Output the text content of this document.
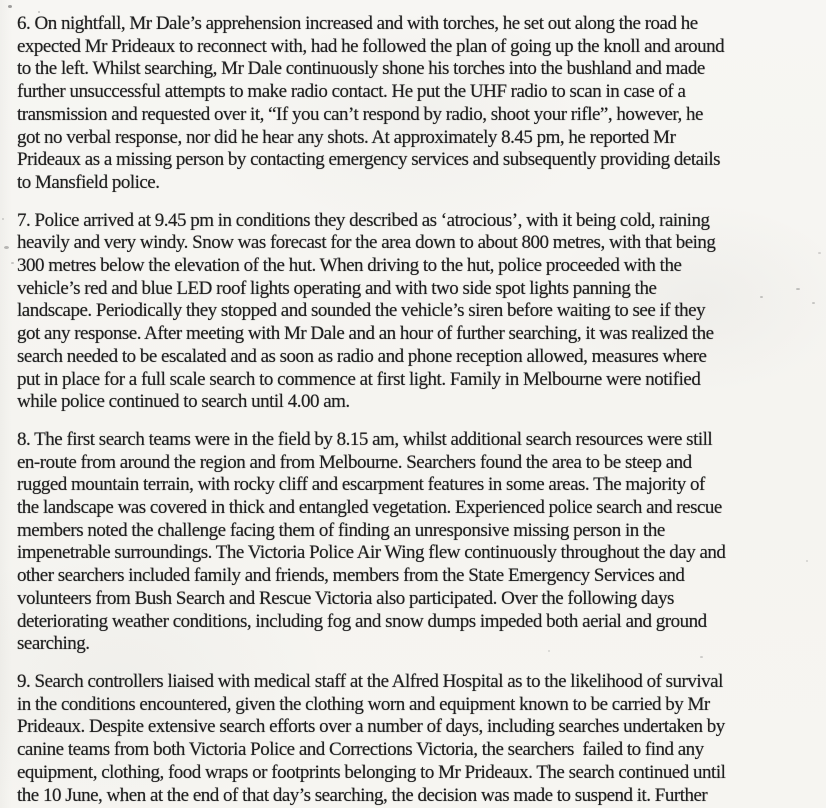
6. On nightfall, Mr Dale’s apprehension increased and with torches, he set out along the road he
expected Mr Prideaux to reconnect with, had he followed the plan of going up the knoll and around
to the left. Whilst searching, Mr Dale continuously shone his torches into the bushland and made
further unsuccessful attempts to make radio contact. He put the UHF radio to scan in case of a
transmission and requested over it, “If you can’t respond by radio, shoot your rifle”, however, he
got no verbal response, nor did he hear any shots. At approximately 8.45 pm, he reported Mr
Prideaux as a missing person by contacting emergency services and subsequently providing details
to Mansfield police.

7. Police arrived at 9.45 pm in conditions they described as ‘atrocious’, with it being cold, raining
heavily and very windy. Snow was forecast for the area down to about 800 metres, with that being
300 metres below the elevation of the hut. When driving to the hut, police proceeded with the
vehicle’s red and blue LED roof lights operating and with two side spot lights panning the
landscape. Periodically they stopped and sounded the vehicle’s siren before waiting to see if they
got any response. After meeting with Mr Dale and an hour of further searching, it was realized the
search needed to be escalated and as soon as radio and phone reception allowed, measures where
put in place for a full scale search to commence at first light. Family in Melbourne were notified
while police continued to search until 4.00 am.

8. The first search teams were in the field by 8.15 am, whilst additional search resources were still
en-route from around the region and from Melbourne. Searchers found the area to be steep and
rugged mountain terrain, with rocky cliff and escarpment features in some areas. The majority of
the landscape was covered in thick and entangled vegetation. Experienced police search and rescue
members noted the challenge facing them of finding an unresponsive missing person in the
impenetrable surroundings. The Victoria Police Air Wing flew continuously throughout the day and
other searchers included family and friends, members from the State Emergency Services and
volunteers from Bush Search and Rescue Victoria also participated. Over the following days
deteriorating weather conditions, including fog and snow dumps impeded both aerial and ground
searching.

9. Search controllers liaised with medical staff at the Alfred Hospital as to the likelihood of survival
in the conditions encountered, given the clothing worn and equipment known to be carried by Mr
Prideaux. Despite extensive search efforts over a number of days, including searches undertaken by
canine teams from both Victoria Police and Corrections Victoria, the searchers  failed to find any
equipment, clothing, food wraps or footprints belonging to Mr Prideaux. The search continued until
the 10 June, when at the end of that day’s searching, the decision was made to suspend it. Further
